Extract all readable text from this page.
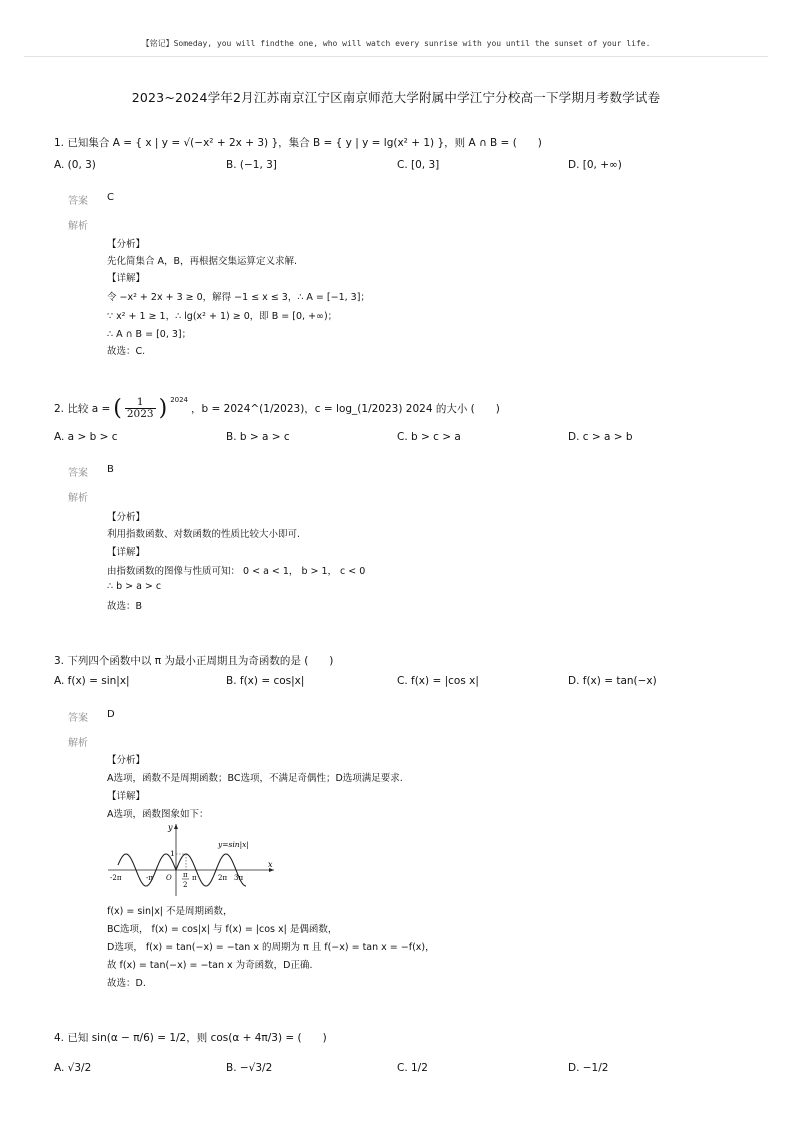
【铭记】Someday, you will findthe one, who will watch every sunrise with you until the sunset of your life.
2023~2024学年2月江苏南京江宁区南京师范大学附属中学江宁分校高一下学期月考数学试卷
1. 已知集合 A = { x | y = √(−x² + 2x + 3) }，集合 B = { y | y = lg(x² + 1) }，则 A ∩ B = (　　)
A. (0, 3)	B. (−1, 3]	C. [0, 3]	D. [0, +∞)
答案 C
解析
【分析】
先化简集合 A，B，再根据交集运算定义求解.
【详解】
令 −x² + 2x + 3 ≥ 0，解得 −1 ≤ x ≤ 3，∴ A = [−1, 3]；
∵ x² + 1 ≥ 1，∴ lg(x² + 1) ≥ 0，即 B = [0, +∞)；
∴ A ∩ B = [0, 3]；
故选：C.
2. 比较 a = ( $\frac{1}{2023}$ ) 2024
，b = 2024^(1/2023)，c = log_(1/2023) 2024 的大小 (　　)
A. a > b > c	B. b > a > c	C. b > c > a	D. c > a > b
答案 B
解析
【分析】
利用指数函数、对数函数的性质比较大小即可.
【详解】
由指数函数的图像与性质可知： 0 < a < 1， b > 1， c < 0
∴ b > a > c
故选：B
3. 下列四个函数中以 π 为最小正周期且为奇函数的是 (　　)
A. f(x) = sin|x|	B. f(x) = cos|x|	C. f(x) = |cos x|	D. f(x) = tan(−x)
答案 D
解析
【分析】
A选项，函数不是周期函数；BC选项，不满足奇偶性；D选项满足要求.
【详解】
A选项，函数图象如下：
y
x
1
y=sin|x|
-2π	-π O π
2
π	2π 3π
f(x) = sin|x| 不是周期函数，
BC选项， f(x) = cos|x| 与 f(x) = |cos x| 是偶函数，
D选项， f(x) = tan(−x) = −tan x 的周期为 π 且 f(−x) = tan x = −f(x)，
故 f(x) = tan(−x) = −tan x 为奇函数，D正确.
故选：D.
4. 已知 sin(α − π/6) = 1/2，则 cos(α + 4π/3) = (　　)
A. √3/2	B. −√3/2	C. 1/2	D. −1/2
